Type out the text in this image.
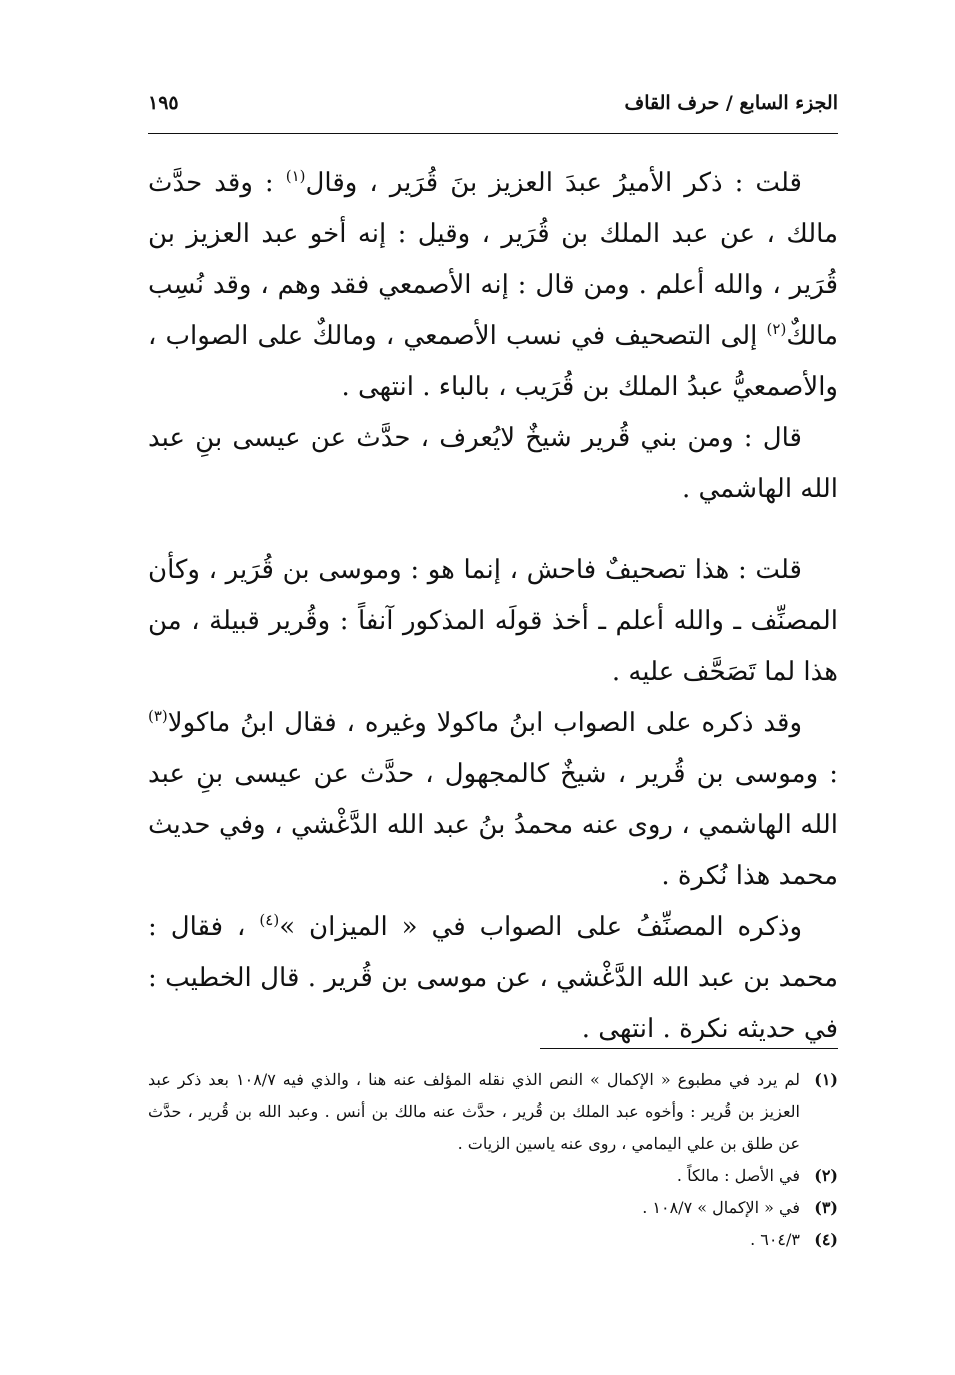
الجزء السابع / حرف القاف
١٩٥

قلت : ذكر الأميرُ عبدَ العزيز بنَ قُرَير ، وقال$^{(١)}$ : وقد حدَّث مالك ، عن عبد الملك بن قُرَير ، وقيل : إنه أخو عبد العزيز بن قُرَير ، والله أعلم . ومن قال : إنه الأصمعي فقد وهم ، وقد نُسِب مالكٌ$^{(٢)}$ إلى التصحيف في نسب الأصمعي ، ومالكٌ على الصواب ، والأصمعيُّ عبدُ الملك بن قُرَيب ، بالباء . انتهى .

قال : ومن بني قُرير شيخٌ لايُعرف ، حدَّث عن عيسى بنِ عبد الله الهاشمي .

قلت : هذا تصحيفٌ فاحش ، إنما هو : وموسى بن قُرَير ، وكأن المصنِّف ـ والله أعلم ـ أخذ قولَه المذكور آنفاً : وقُرير قبيلة ، من هذا لما تَصَحَّف عليه .

وقد ذكره على الصواب ابنُ ماكولا وغيره ، فقال ابنُ ماكولا$^{(٣)}$ : وموسى بن قُرير ، شيخٌ كالمجهول ، حدَّث عن عيسى بنِ عبد الله الهاشمي ، روى عنه محمدُ بنُ عبد الله الدَّغْشي ، وفي حديث محمد هذا نُكرة .

وذكره المصنِّفُ على الصواب في « الميزان »$^{(٤)}$ ، فقال : محمد بن عبد الله الدَّغْشي ، عن موسى بن قُرير . قال الخطيب : في حديثه نكرة . انتهى .

(١)
لم يرد في مطبوع « الإكمال » النص الذي نقله المؤلف عنه هنا ، والذي فيه ١٠٨/٧ بعد ذكر عبد العزيز بن قُرير : وأخوه عبد الملك بن قُرير ، حدَّث عنه مالك بن أنس . وعبد الله بن قُرير ، حدَّث عن طلق بن علي اليمامي ، روى عنه ياسين الزيات .
(٢)
في الأصل : مالكاً .
(٣)
في « الإكمال » ١٠٨/٧ .
(٤)
٦٠٤/٣ .
